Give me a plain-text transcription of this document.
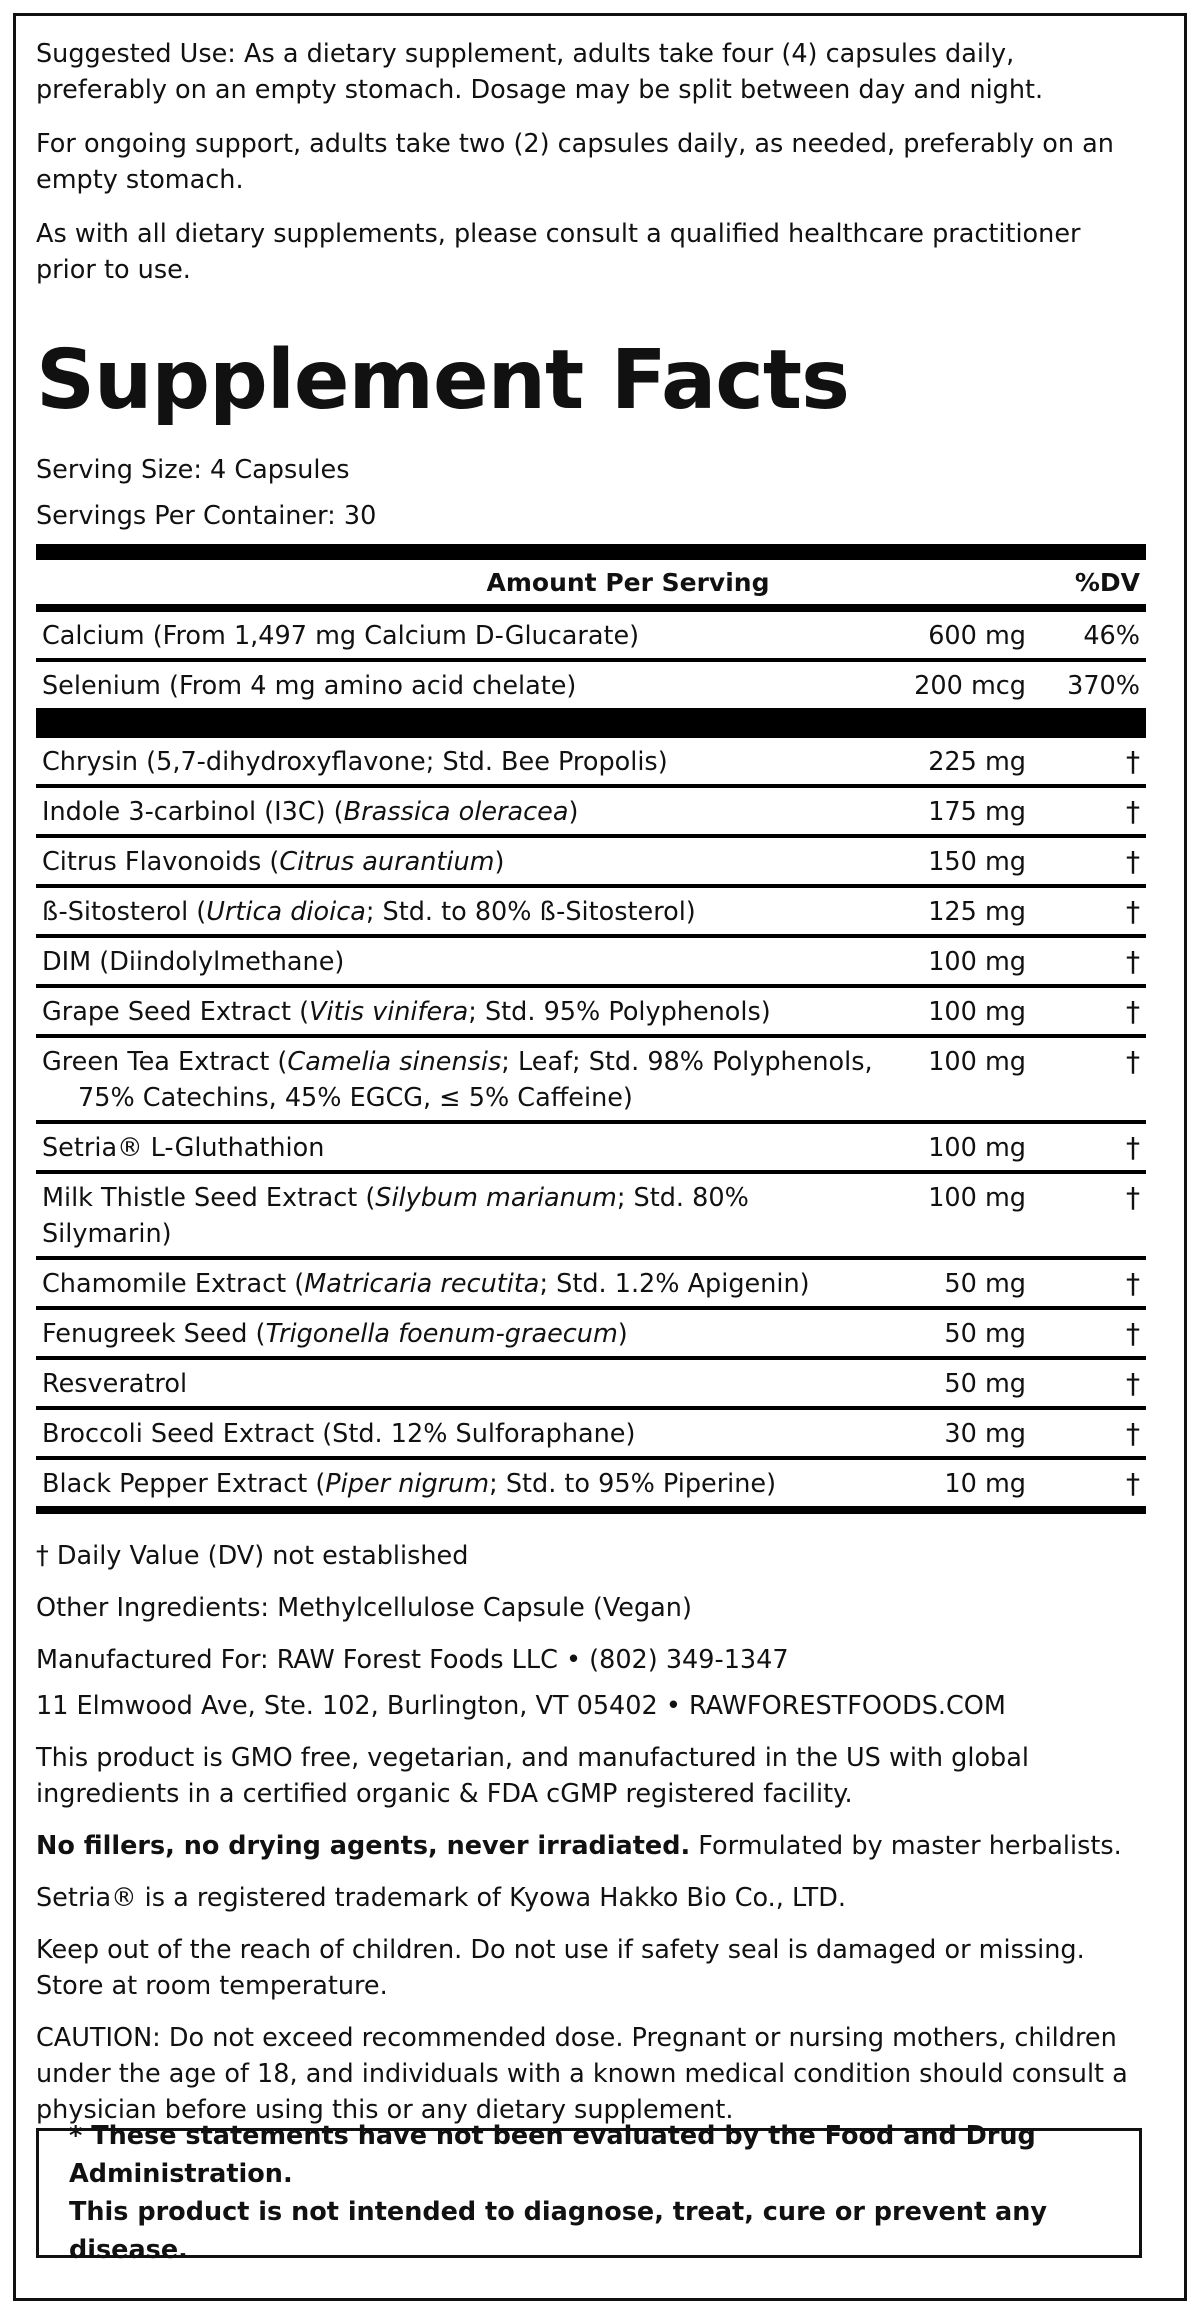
Suggested Use: As a dietary supplement, adults take four (4) capsules daily, preferably on an empty stomach. Dosage may be split between day and night.

For ongoing support, adults take two (2) capsules daily, as needed, preferably on an empty stomach.

As with all dietary supplements, please consult a qualified healthcare practitioner prior to use.

Supplement Facts
Serving Size: 4 Capsules
Servings Per Container: 30
Amount Per Serving	%DV
Calcium (From 1,497 mg Calcium D-Glucarate)	600 mg	46%
Selenium (From 4 mg amino acid chelate)	200 mcg	370%
Chrysin (5,7-dihydroxyflavone; Std. Bee Propolis)	225 mg	†
Indole 3-carbinol (I3C) (Brassica oleracea)	175 mg	†
Citrus Flavonoids (Citrus aurantium)	150 mg	†
ß-Sitosterol (Urtica dioica; Std. to 80% ß-Sitosterol)	125 mg	†
DIM (Diindolylmethane)	100 mg	†
Grape Seed Extract (Vitis vinifera; Std. 95% Polyphenols)	100 mg	†
Green Tea Extract (Camelia sinensis; Leaf; Std. 98% Polyphenols,
75% Catechins, 45% EGCG, ≤ 5% Caffeine)
100 mg	†
Setria® L-Gluthathion	100 mg	†
Milk Thistle Seed Extract (Silybum marianum; Std. 80% Silymarin)
100 mg	†
Chamomile Extract (Matricaria recutita; Std. 1.2% Apigenin)	50 mg	†
Fenugreek Seed (Trigonella foenum-graecum)	50 mg	†
Resveratrol	50 mg	†
Broccoli Seed Extract (Std. 12% Sulforaphane)	30 mg	†
Black Pepper Extract (Piper nigrum; Std. to 95% Piperine)	10 mg	†

† Daily Value (DV) not established

Other Ingredients: Methylcellulose Capsule (Vegan)

Manufactured For: RAW Forest Foods LLC • (802) 349-1347

11 Elmwood Ave, Ste. 102, Burlington, VT 05402 • RAWFORESTFOODS.COM

This product is GMO free, vegetarian, and manufactured in the US with global ingredients in a certified organic & FDA cGMP registered facility.

No fillers, no drying agents, never irradiated. Formulated by master herbalists.

Setria® is a registered trademark of Kyowa Hakko Bio Co., LTD.

Keep out of the reach of children. Do not use if safety seal is damaged or missing. Store at room temperature.

CAUTION: Do not exceed recommended dose. Pregnant or nursing mothers, children under the age of 18, and individuals with a known medical condition should consult a physician before using this or any dietary supplement.

* These statements have not been evaluated by the Food and Drug Administration.
This product is not intended to diagnose, treat, cure or prevent any disease.
